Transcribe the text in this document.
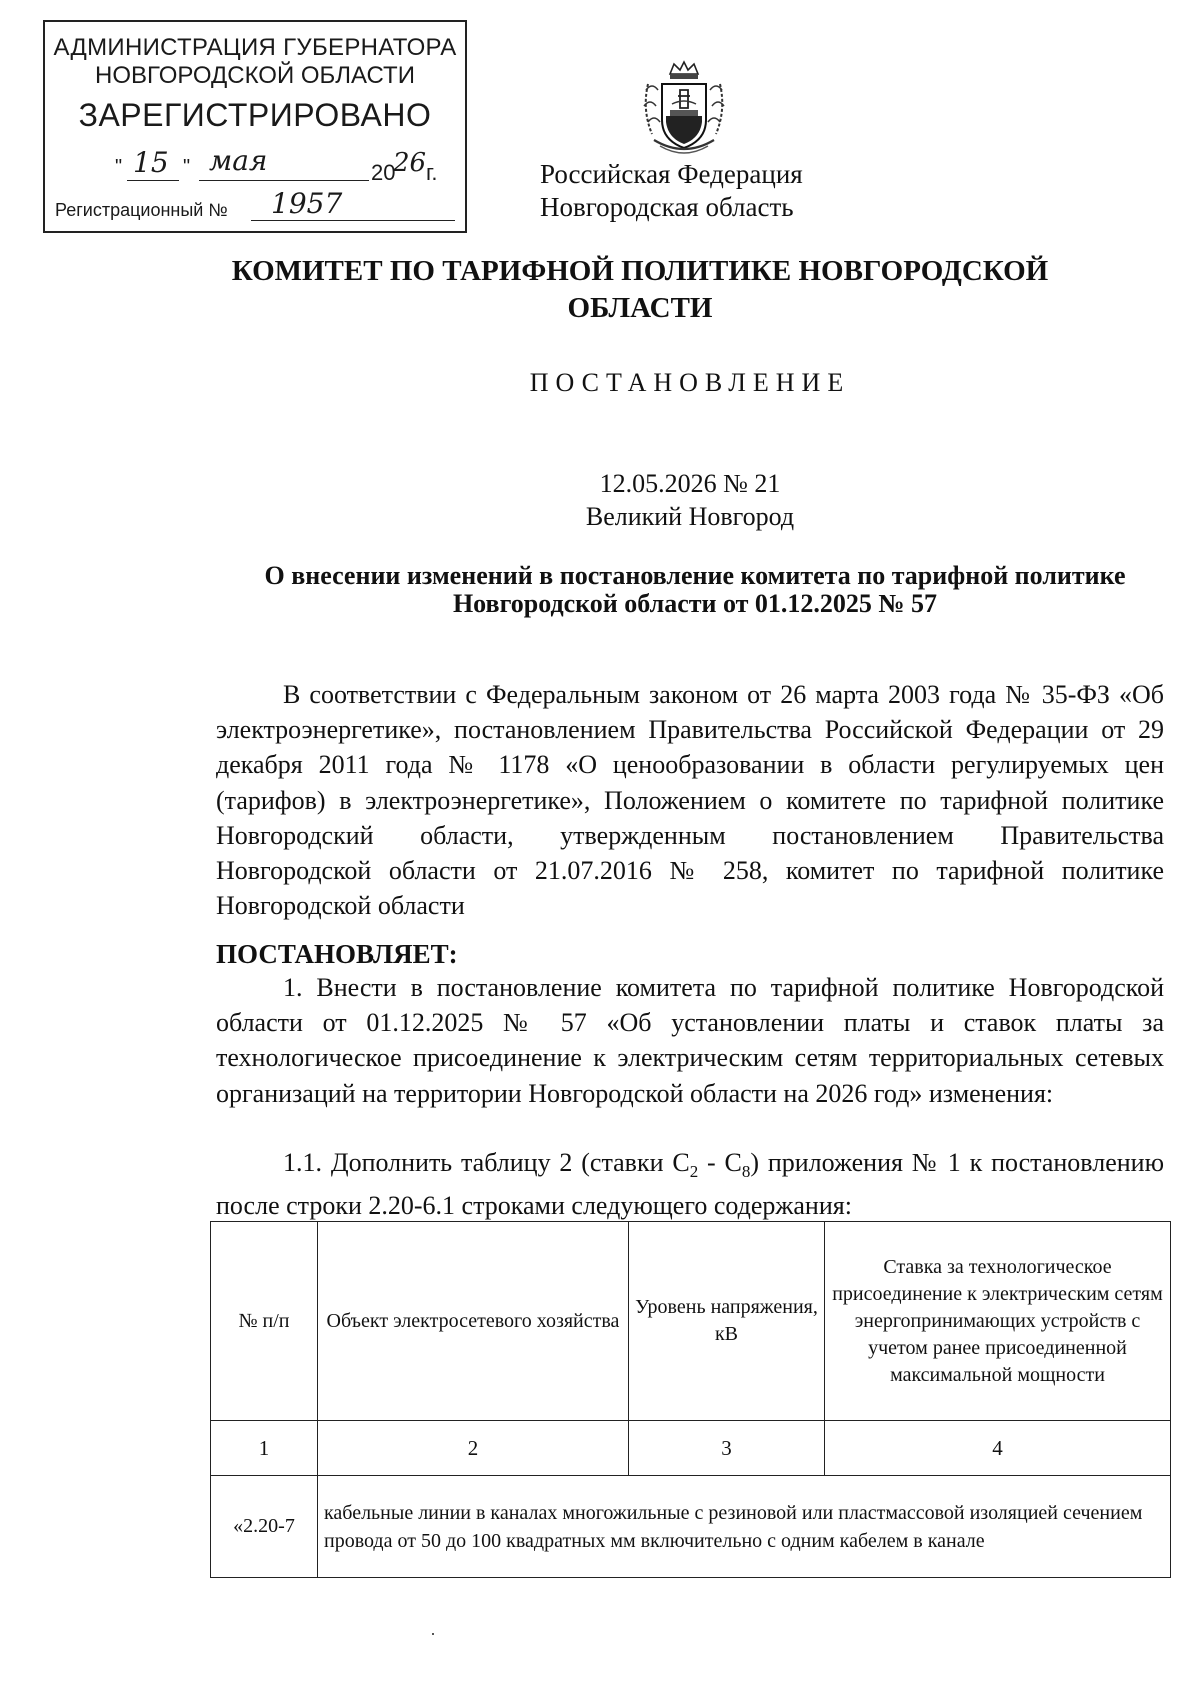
АДМИНИСТРАЦИЯ ГУБЕРНАТОРА
НОВГОРОДСКОЙ ОБЛАСТИ
ЗАРЕГИСТРИРОВАНО
" 15 " мая	20
26 г.
Регистрационный № 1957
Российская Федерация
Новгородская область
КОМИТЕТ ПО ТАРИФНОЙ ПОЛИТИКЕ НОВГОРОДСКОЙ ОБЛАСТИ
ПОСТАНОВЛЕНИЕ
12.05.2026 № 21
Великий Новгород
О внесении изменений в постановление комитета по тарифной политике Новгородской области от 01.12.2025 № 57
В соответствии с Федеральным законом от 26 марта 2003 года № 35-ФЗ «Об электроэнергетике», постановлением Правительства Российской Федерации от 29 декабря 2011 года № 1178 «О ценообразовании в области регулируемых цен (тарифов) в электроэнергетике», Положением о комитете по тарифной политике Новгородский области, утвержденным постановлением Правительства Новгородской области от 21.07.2016 № 258, комитет по тарифной политике Новгородской области
ПОСТАНОВЛЯЕТ:
1. Внести в постановление комитета по тарифной политике Новгородской области от 01.12.2025 № 57 «Об установлении платы и ставок платы за технологическое присоединение к электрическим сетям территориальных сетевых организаций на территории Новгородской области на 2026 год» изменения:
1.1. Дополнить таблицу 2 (ставки $С_2 - С_8$) приложения № 1 к постановлению после строки 2.20-6.1 строками следующего содержания:
№ п/п	Объект электросетевого хозяйства	Уровень напряжения, кВ	Ставка за технологическое присоединение к электрическим сетям энергопринимающих устройств с учетом ранее присоединенной максимальной мощности
1	2	3	4
«2.20-7	кабельные линии в каналах многожильные с резиновой или пластмассовой изоляцией сечением провода от 50 до 100 квадратных мм включительно с одним кабелем в канале		
